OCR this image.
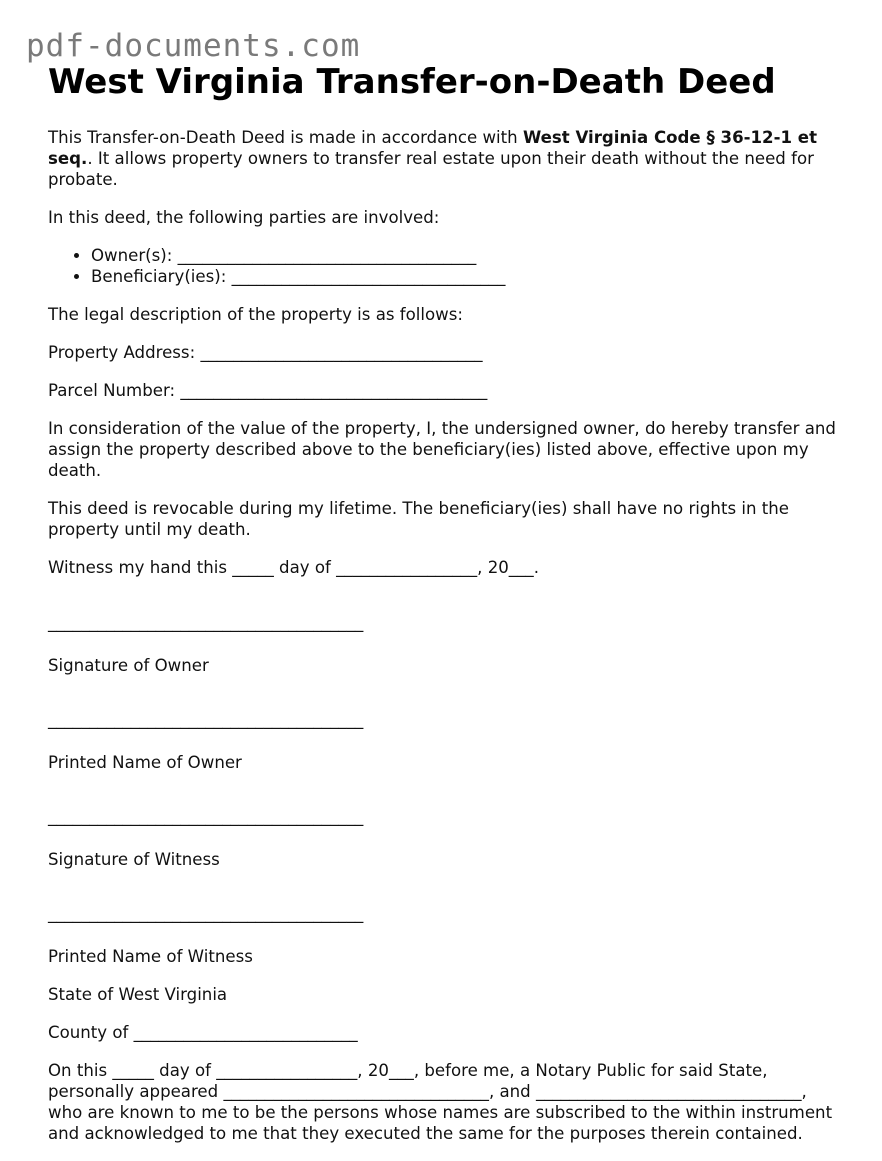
pdf-documents.com
West Virginia Transfer-on-Death Deed

This Transfer-on-Death Deed is made in accordance with West Virginia Code § 36-12-1 et seq.. It allows property owners to transfer real estate upon their death without the need for probate.

In this deed, the following parties are involved:

• Owner(s): ____________________________________
• Beneficiary(ies): _________________________________

The legal description of the property is as follows:

Property Address: __________________________________

Parcel Number: _____________________________________

In consideration of the value of the property, I, the undersigned owner, do hereby transfer and assign the property described above to the beneficiary(ies) listed above, effective upon my death.

This deed is revocable during my lifetime. The beneficiary(ies) shall have no rights in the property until my death.

Witness my hand this _____ day of _________________, 20___.

______________________________________

Signature of Owner

______________________________________

Printed Name of Owner

______________________________________

Signature of Witness

______________________________________

Printed Name of Witness

State of West Virginia

County of ___________________________

On this _____ day of _________________, 20___, before me, a Notary Public for said State, personally appeared ________________________________, and ________________________________, who are known to me to be the persons whose names are subscribed to the within instrument and acknowledged to me that they executed the same for the purposes therein contained.
